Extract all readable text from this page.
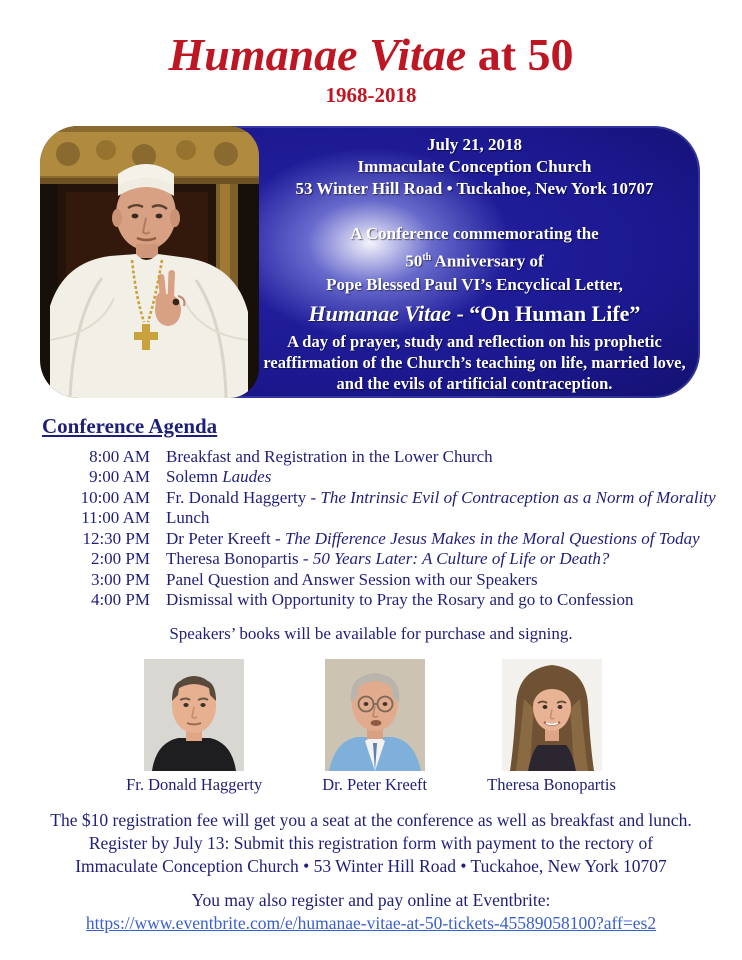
Humanae Vitae at 50
1968-2018
July 21, 2018
Immaculate Conception Church
53 Winter Hill Road • Tuckahoe, New York 10707
A Conference commemorating the
50th Anniversary of
Pope Blessed Paul VI’s Encyclical Letter,
Humanae Vitae - “On Human Life”
A day of prayer, study and reflection on his prophetic reaffirmation of the Church’s teaching on life, married love, and the evils of artificial contraception.
Conference Agenda
8:00 AM Breakfast and Registration in the Lower Church
9:00 AM Solemn Laudes
10:00 AM Fr. Donald Haggerty - The Intrinsic Evil of Contraception as a Norm of Morality
11:00 AM Lunch
12:30 PM Dr Peter Kreeft - The Difference Jesus Makes in the Moral Questions of Today
2:00 PM Theresa Bonopartis - 50 Years Later: A Culture of Life or Death?
3:00 PM Panel Question and Answer Session with our Speakers
4:00 PM Dismissal with Opportunity to Pray the Rosary and go to Confession
Speakers’ books will be available for purchase and signing.
Fr. Donald Haggerty	Dr. Peter Kreeft	Theresa Bonopartis
The $10 registration fee will get you a seat at the conference as well as breakfast and lunch.
Register by July 13: Submit this registration form with payment to the rectory of
Immaculate Conception Church • 53 Winter Hill Road • Tuckahoe, New York 10707
You may also register and pay online at Eventbrite:
https://www.eventbrite.com/e/humanae-vitae-at-50-tickets-45589058100?aff=es2
